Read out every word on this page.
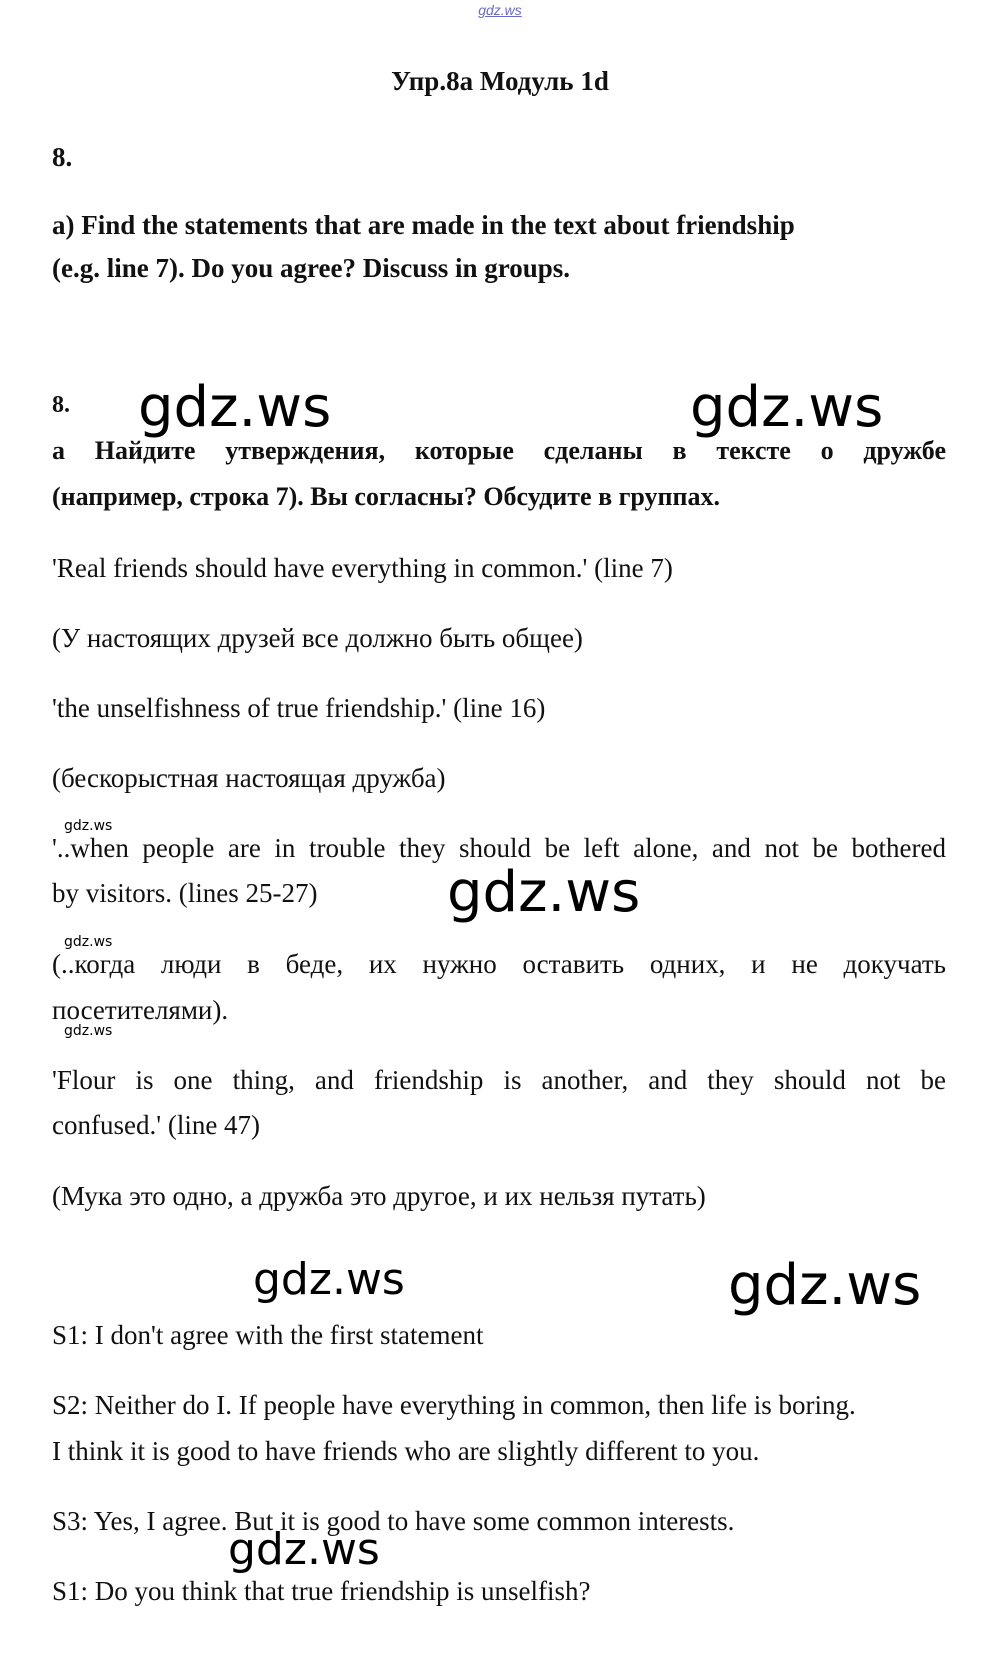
gdz.ws
Упр.8a Модуль 1d
8.
a) Find the statements that are made in the text about friendship
(e.g. line 7). Do you agree? Discuss in groups.
8. gdz.ws	gdz.ws
a Найдите утверждения, которые сделаны в тексте о дружбе
(например, строка 7). Вы согласны? Обсудите в группах.
'Real friends should have everything in common.' (line 7)
(У настоящих друзей все должно быть общее)
'the unselfishness of true friendship.' (line 16)
(бескорыстная настоящая дружба)
gdz.ws
'..when people are in trouble they should be left alone, and not be bothered
by visitors. (lines 25-27) gdz.ws
gdz.ws
(..когда люди в беде, их нужно оставить одних, и не докучать
посетителями).
gdz.ws
'Flour is one thing, and friendship is another, and they should not be
confused.' (line 47)
(Мука это одно, а дружба это другое, и их нельзя путать)
gdz.ws	gdz.ws
S1: I don't agree with the first statement
S2: Neither do I. If people have everything in common, then life is boring.
I think it is good to have friends who are slightly different to you.
S3: Yes, I agree. But it is good to have some common interests.
gdz.ws
S1: Do you think that true friendship is unselfish?
